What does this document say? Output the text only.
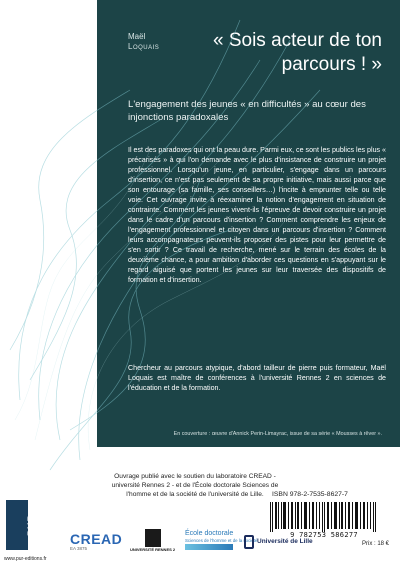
Maël
Loquais	« Sois acteur de ton parcours ! »
L'engagement des jeunes « en difficultés » au cœur des injonctions paradoxales

Il est des paradoxes qui ont la peau dure. Parmi eux, ce sont les publics les plus « précarisés » à qui l'on demande avec le plus d'insistance de construire un projet professionnel. Lorsqu'un jeune, en particulier, s'engage dans un parcours d'insertion, ce n'est pas seulement de sa propre initiative, mais aussi parce que son entourage (sa famille, ses conseillers…) l'incite à emprunter telle ou telle voie. Cet ouvrage invite à réexaminer la notion d'engagement en situation de contrainte. Comment les jeunes vivent-ils l'épreuve de devoir construire un projet dans le cadre d'un parcours d'insertion ? Comment comprendre les enjeux de l'engagement professionnel et citoyen dans un parcours d'insertion ? Comment leurs accompagnateurs peuvent-ils proposer des pistes pour leur permettre de s'en sortir ? Ce travail de recherche, mené sur le terrain des écoles de la deuxième chance, a pour ambition d'aborder ces questions en s'appuyant sur le regard aiguisé que portent les jeunes sur leur traversée des dispositifs de formation et d'insertion.

Chercheur au parcours atypique, d'abord tailleur de pierre puis formateur, Maël Loquais est maître de conférences à l'université Rennes 2 en sciences de l'éducation et de la formation.

En couverture : œuvre d'Annick Perin-Limayrac, issue de sa série « Mousses à rêver ».

Ouvrage publié avec le soutien du laboratoire CREAD - université Rennes 2 - et de l'École doctorale Sciences de l'homme et de la société de l'université de Lille.	ISBN 978-2-7535-8627-7
9 782753 586277
Prix : 18 €
PUR
www.pur-editions.fr
CREAD
EA 3875	UNIVERSITÉ RENNES 2
École doctorale
Sciences de l'homme et de la société Université de Lille
